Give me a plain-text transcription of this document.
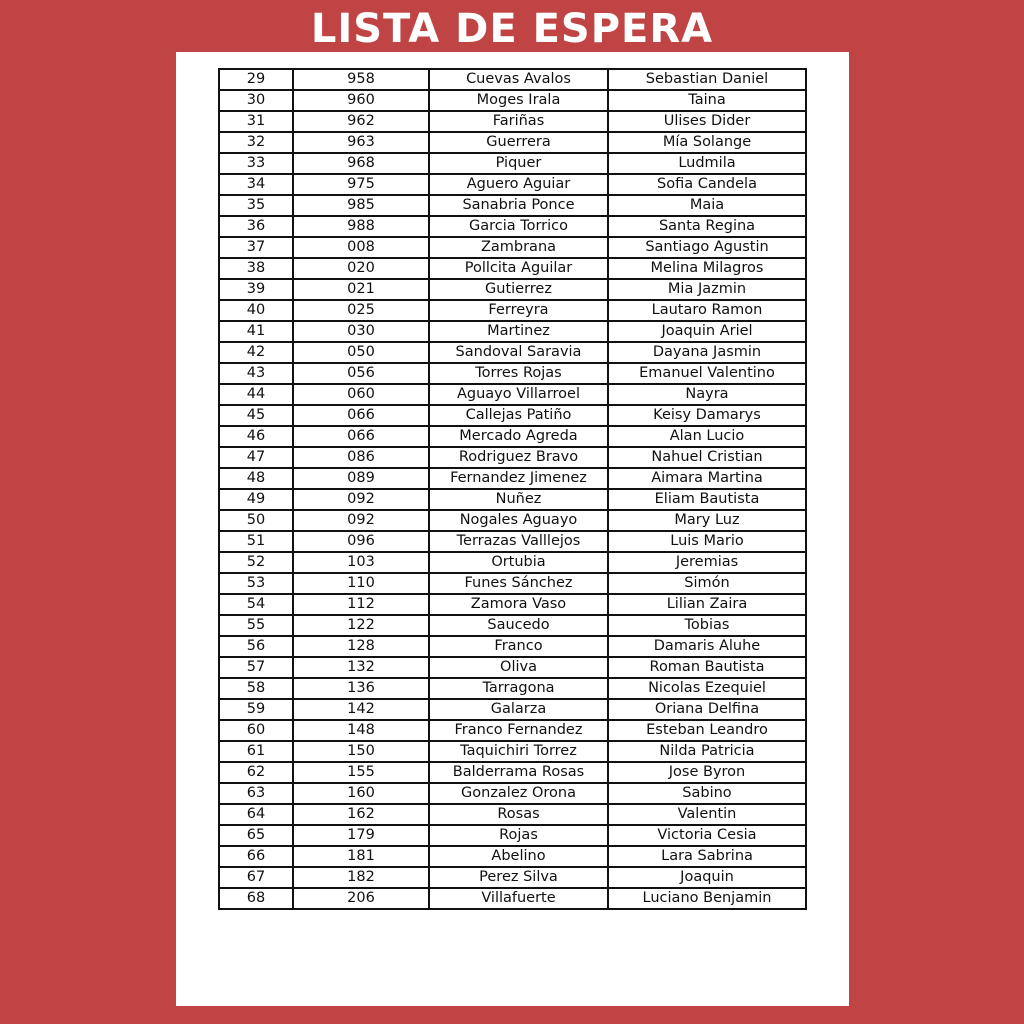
LISTA DE ESPERA
29	958	Cuevas Avalos	Sebastian Daniel
30	960	Moges Irala	Taina
31	962	Fariñas	Ulises Dider
32	963	Guerrera	Mía Solange
33	968	Piquer	Ludmila
34	975	Aguero Aguiar	Sofia Candela
35	985	Sanabria Ponce	Maia
36	988	Garcia Torrico	Santa Regina
37	008	Zambrana	Santiago Agustin
38	020	Pollcita Aguilar	Melina Milagros
39	021	Gutierrez	Mia Jazmin
40	025	Ferreyra	Lautaro Ramon
41	030	Martinez	Joaquin Ariel
42	050	Sandoval Saravia	Dayana Jasmin
43	056	Torres Rojas	Emanuel Valentino
44	060	Aguayo Villarroel	Nayra
45	066	Callejas Patiño	Keisy Damarys
46	066	Mercado Agreda	Alan Lucio
47	086	Rodriguez Bravo	Nahuel Cristian
48	089	Fernandez Jimenez	Aimara Martina
49	092	Nuñez	Eliam Bautista
50	092	Nogales Aguayo	Mary Luz
51	096	Terrazas Valllejos	Luis Mario
52	103	Ortubia	Jeremias
53	110	Funes Sánchez	Simón
54	112	Zamora Vaso	Lilian Zaira
55	122	Saucedo	Tobias
56	128	Franco	Damaris Aluhe
57	132	Oliva	Roman Bautista
58	136	Tarragona	Nicolas Ezequiel
59	142	Galarza	Oriana Delfina
60	148	Franco Fernandez	Esteban Leandro
61	150	Taquichiri Torrez	Nilda Patricia
62	155	Balderrama Rosas	Jose Byron
63	160	Gonzalez Orona	Sabino
64	162	Rosas	Valentin
65	179	Rojas	Victoria Cesia
66	181	Abelino	Lara Sabrina
67	182	Perez Silva	Joaquin
68	206	Villafuerte	Luciano Benjamin
